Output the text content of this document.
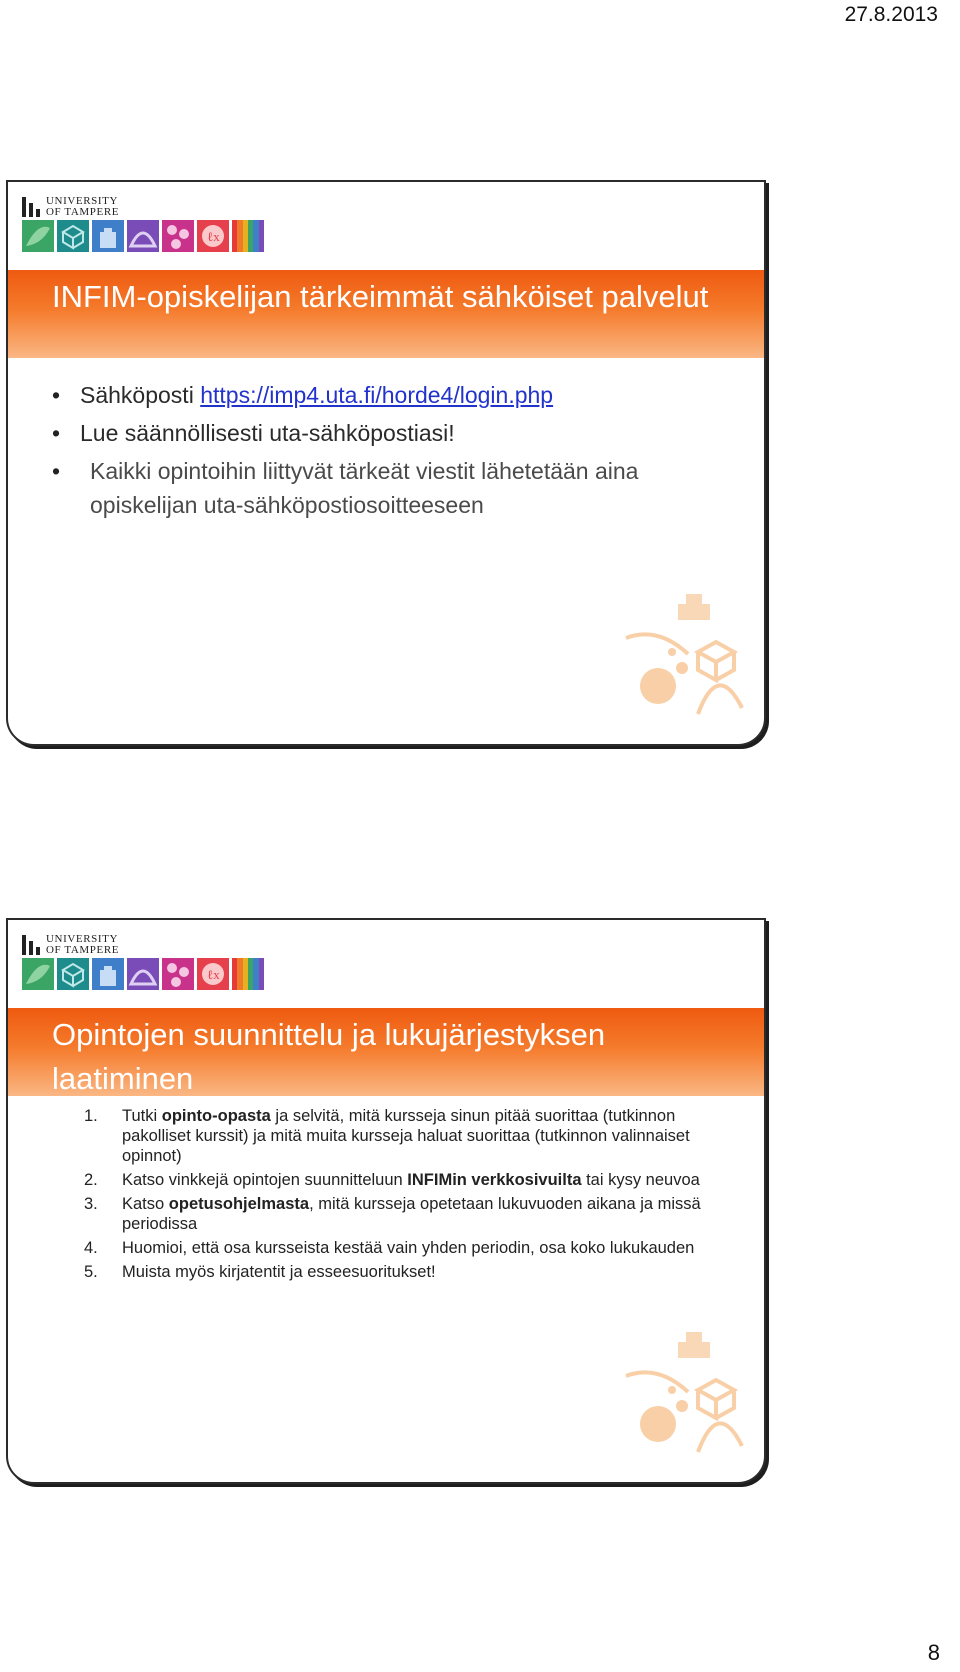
27.8.2013
UNIVERSITY
OF TAMPERE
ℓx
INFIM-opiskelijan tärkeimmät sähköiset palvelut
• Sähköposti https://imp4.uta.fi/horde4/login.php
• Lue säännöllisesti uta-sähköpostiasi!
• Kaikki opintoihin liittyvät tärkeät viestit lähetetään aina opiskelijan uta-sähköpostiosoitteeseen
UNIVERSITY
OF TAMPERE
ℓx
Opintojen suunnittelu ja lukujärjestyksen laatiminen
1. Tutki opinto-opasta ja selvitä, mitä kursseja sinun pitää suorittaa (tutkinnon pakolliset kurssit) ja mitä muita kursseja haluat suorittaa (tutkinnon valinnaiset opinnot)
2. Katso vinkkejä opintojen suunnitteluun INFIMin verkkosivuilta tai kysy neuvoa
3. Katso opetusohjelmasta, mitä kursseja opetetaan lukuvuoden aikana ja missä periodissa
4. Huomioi, että osa kursseista kestää vain yhden periodin, osa koko lukukauden
5. Muista myös kirjatentit ja esseesuoritukset!
8
